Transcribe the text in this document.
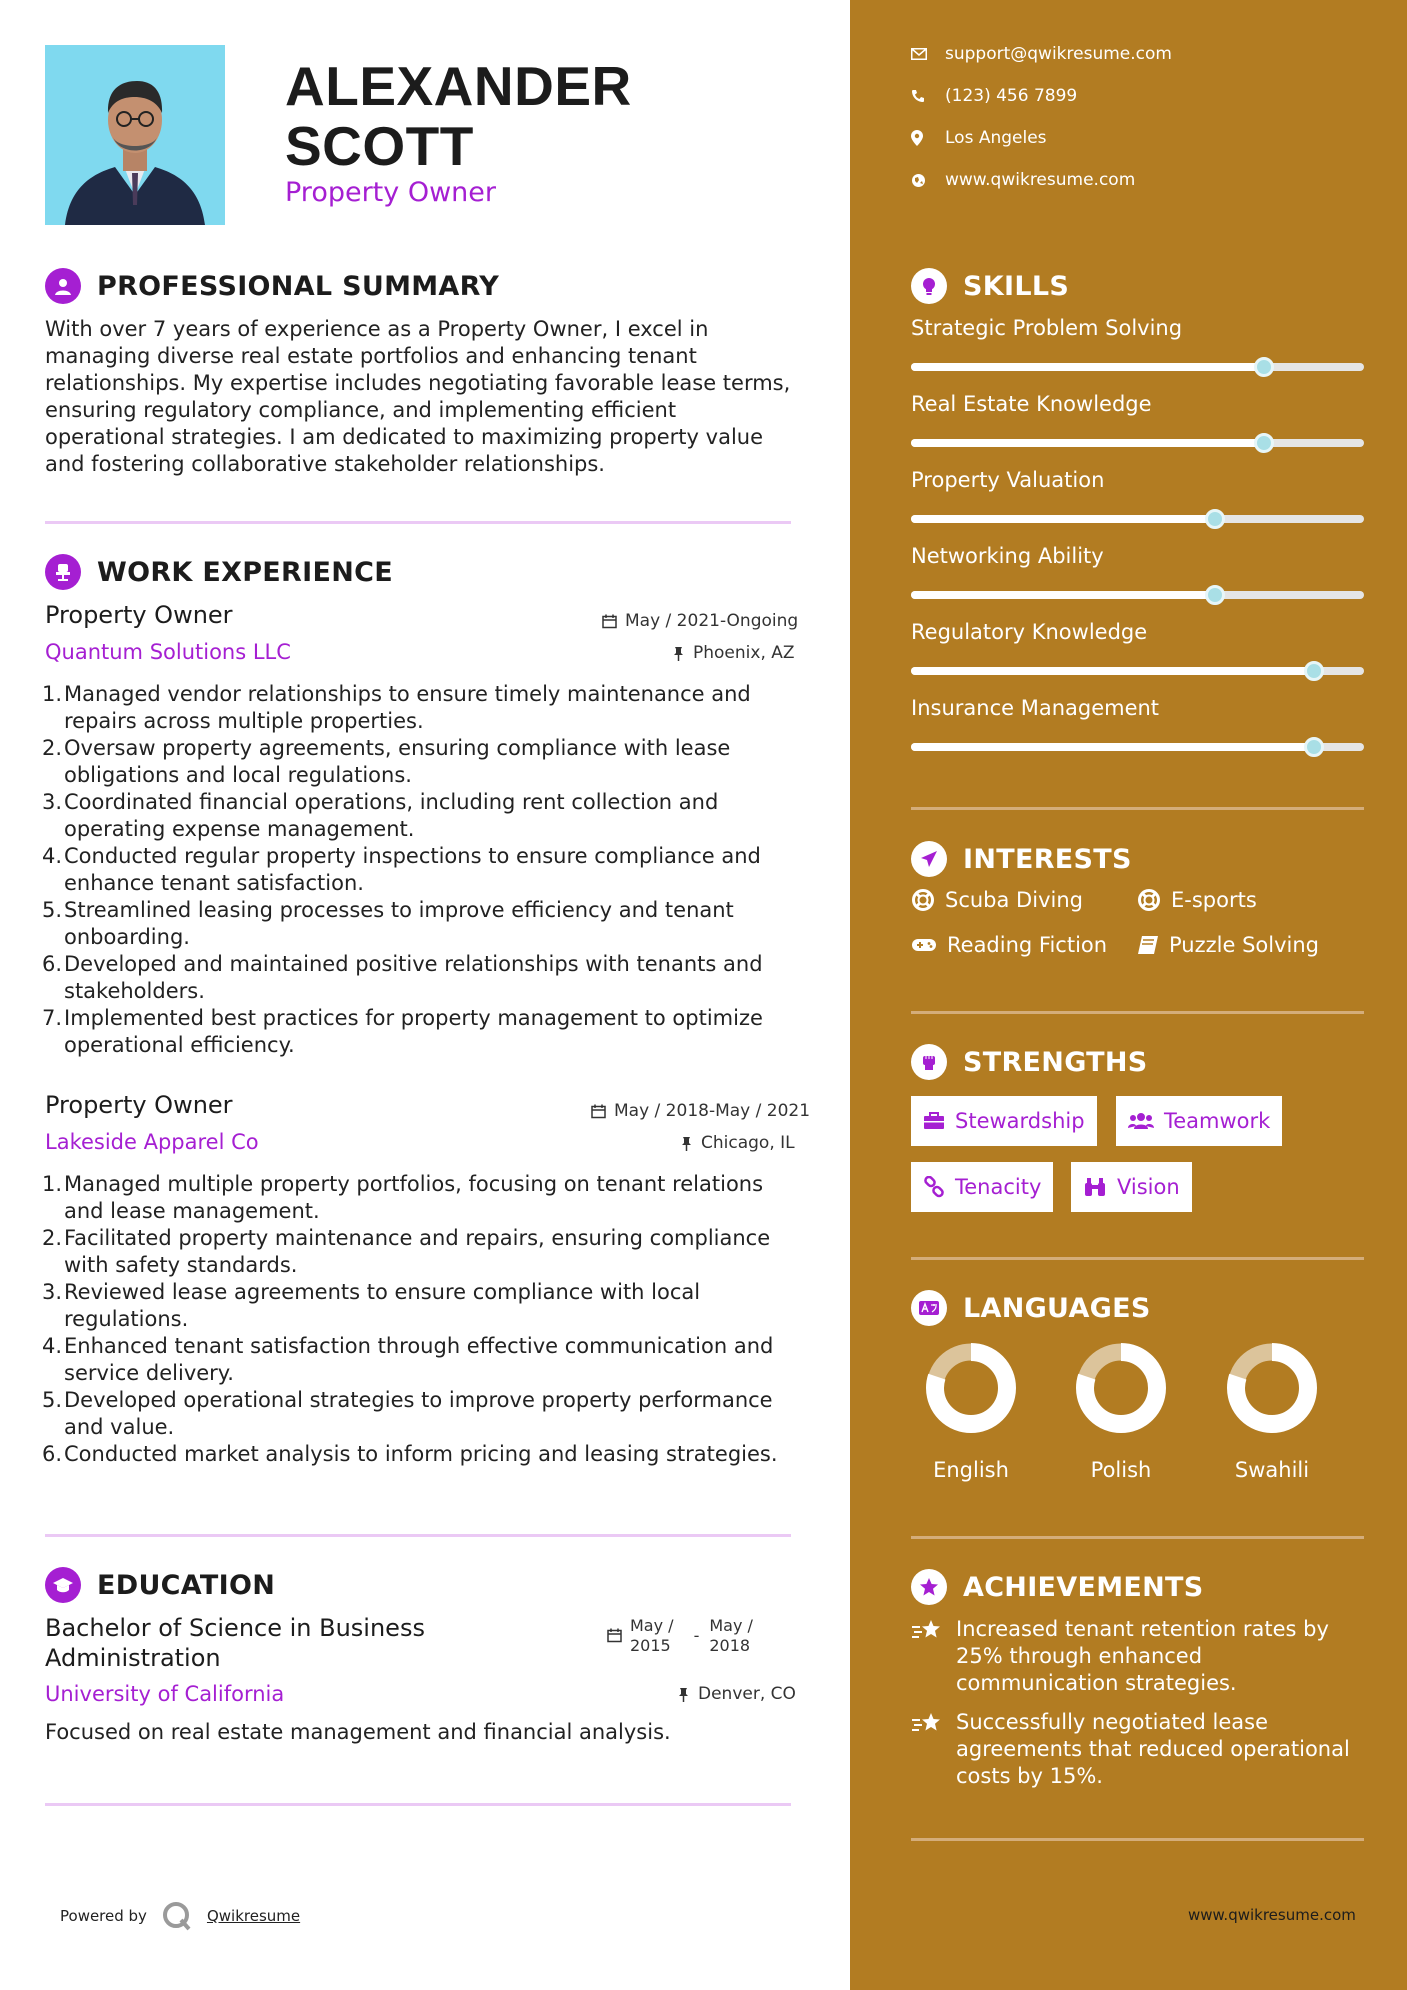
ALEXANDER
SCOTT
Property Owner
PROFESSIONAL SUMMARY
With over 7 years of experience as a Property Owner, I excel in
managing diverse real estate portfolios and enhancing tenant
relationships. My expertise includes negotiating favorable lease terms,
ensuring regulatory compliance, and implementing efficient
operational strategies. I am dedicated to maximizing property value
and fostering collaborative stakeholder relationships.
WORK EXPERIENCE
Property Owner
Quantum Solutions LLC
May / 2021-Ongoing
Phoenix, AZ
1. Managed vendor relationships to ensure timely maintenance and
repairs across multiple properties.
2. Oversaw property agreements, ensuring compliance with lease
obligations and local regulations.
3. Coordinated financial operations, including rent collection and
operating expense management.
4. Conducted regular property inspections to ensure compliance and
enhance tenant satisfaction.
5. Streamlined leasing processes to improve efficiency and tenant
onboarding.
6. Developed and maintained positive relationships with tenants and
stakeholders.
7. Implemented best practices for property management to optimize
operational efficiency.
Property Owner
Lakeside Apparel Co
May / 2018-May / 2021
Chicago, IL
1. Managed multiple property portfolios, focusing on tenant relations
and lease management.
2. Facilitated property maintenance and repairs, ensuring compliance
with safety standards.
3. Reviewed lease agreements to ensure compliance with local
regulations.
4. Enhanced tenant satisfaction through effective communication and
service delivery.
5. Developed operational strategies to improve property performance
and value.
6. Conducted market analysis to inform pricing and leasing strategies.
EDUCATION
Bachelor of Science in Business
Administration
May /
2015
-
May /
2018
University of California	Denver, CO
Focused on real estate management and financial analysis.
Powered by	Qwikresume
support@qwikresume.com
(123) 456 7899
Los Angeles
www.qwikresume.com
SKILLS
Strategic Problem Solving
Real Estate Knowledge
Property Valuation
Networking Ability
Regulatory Knowledge
Insurance Management
INTERESTS
Scuba Diving	E-sports
Reading Fiction	Puzzle Solving
STRENGTHS
Stewardship	Teamwork
Tenacity	Vision
LANGUAGES
English	Polish	Swahili
ACHIEVEMENTS
Increased tenant retention rates by
25% through enhanced
communication strategies.
Successfully negotiated lease
agreements that reduced operational
costs by 15%.
www.qwikresume.com
